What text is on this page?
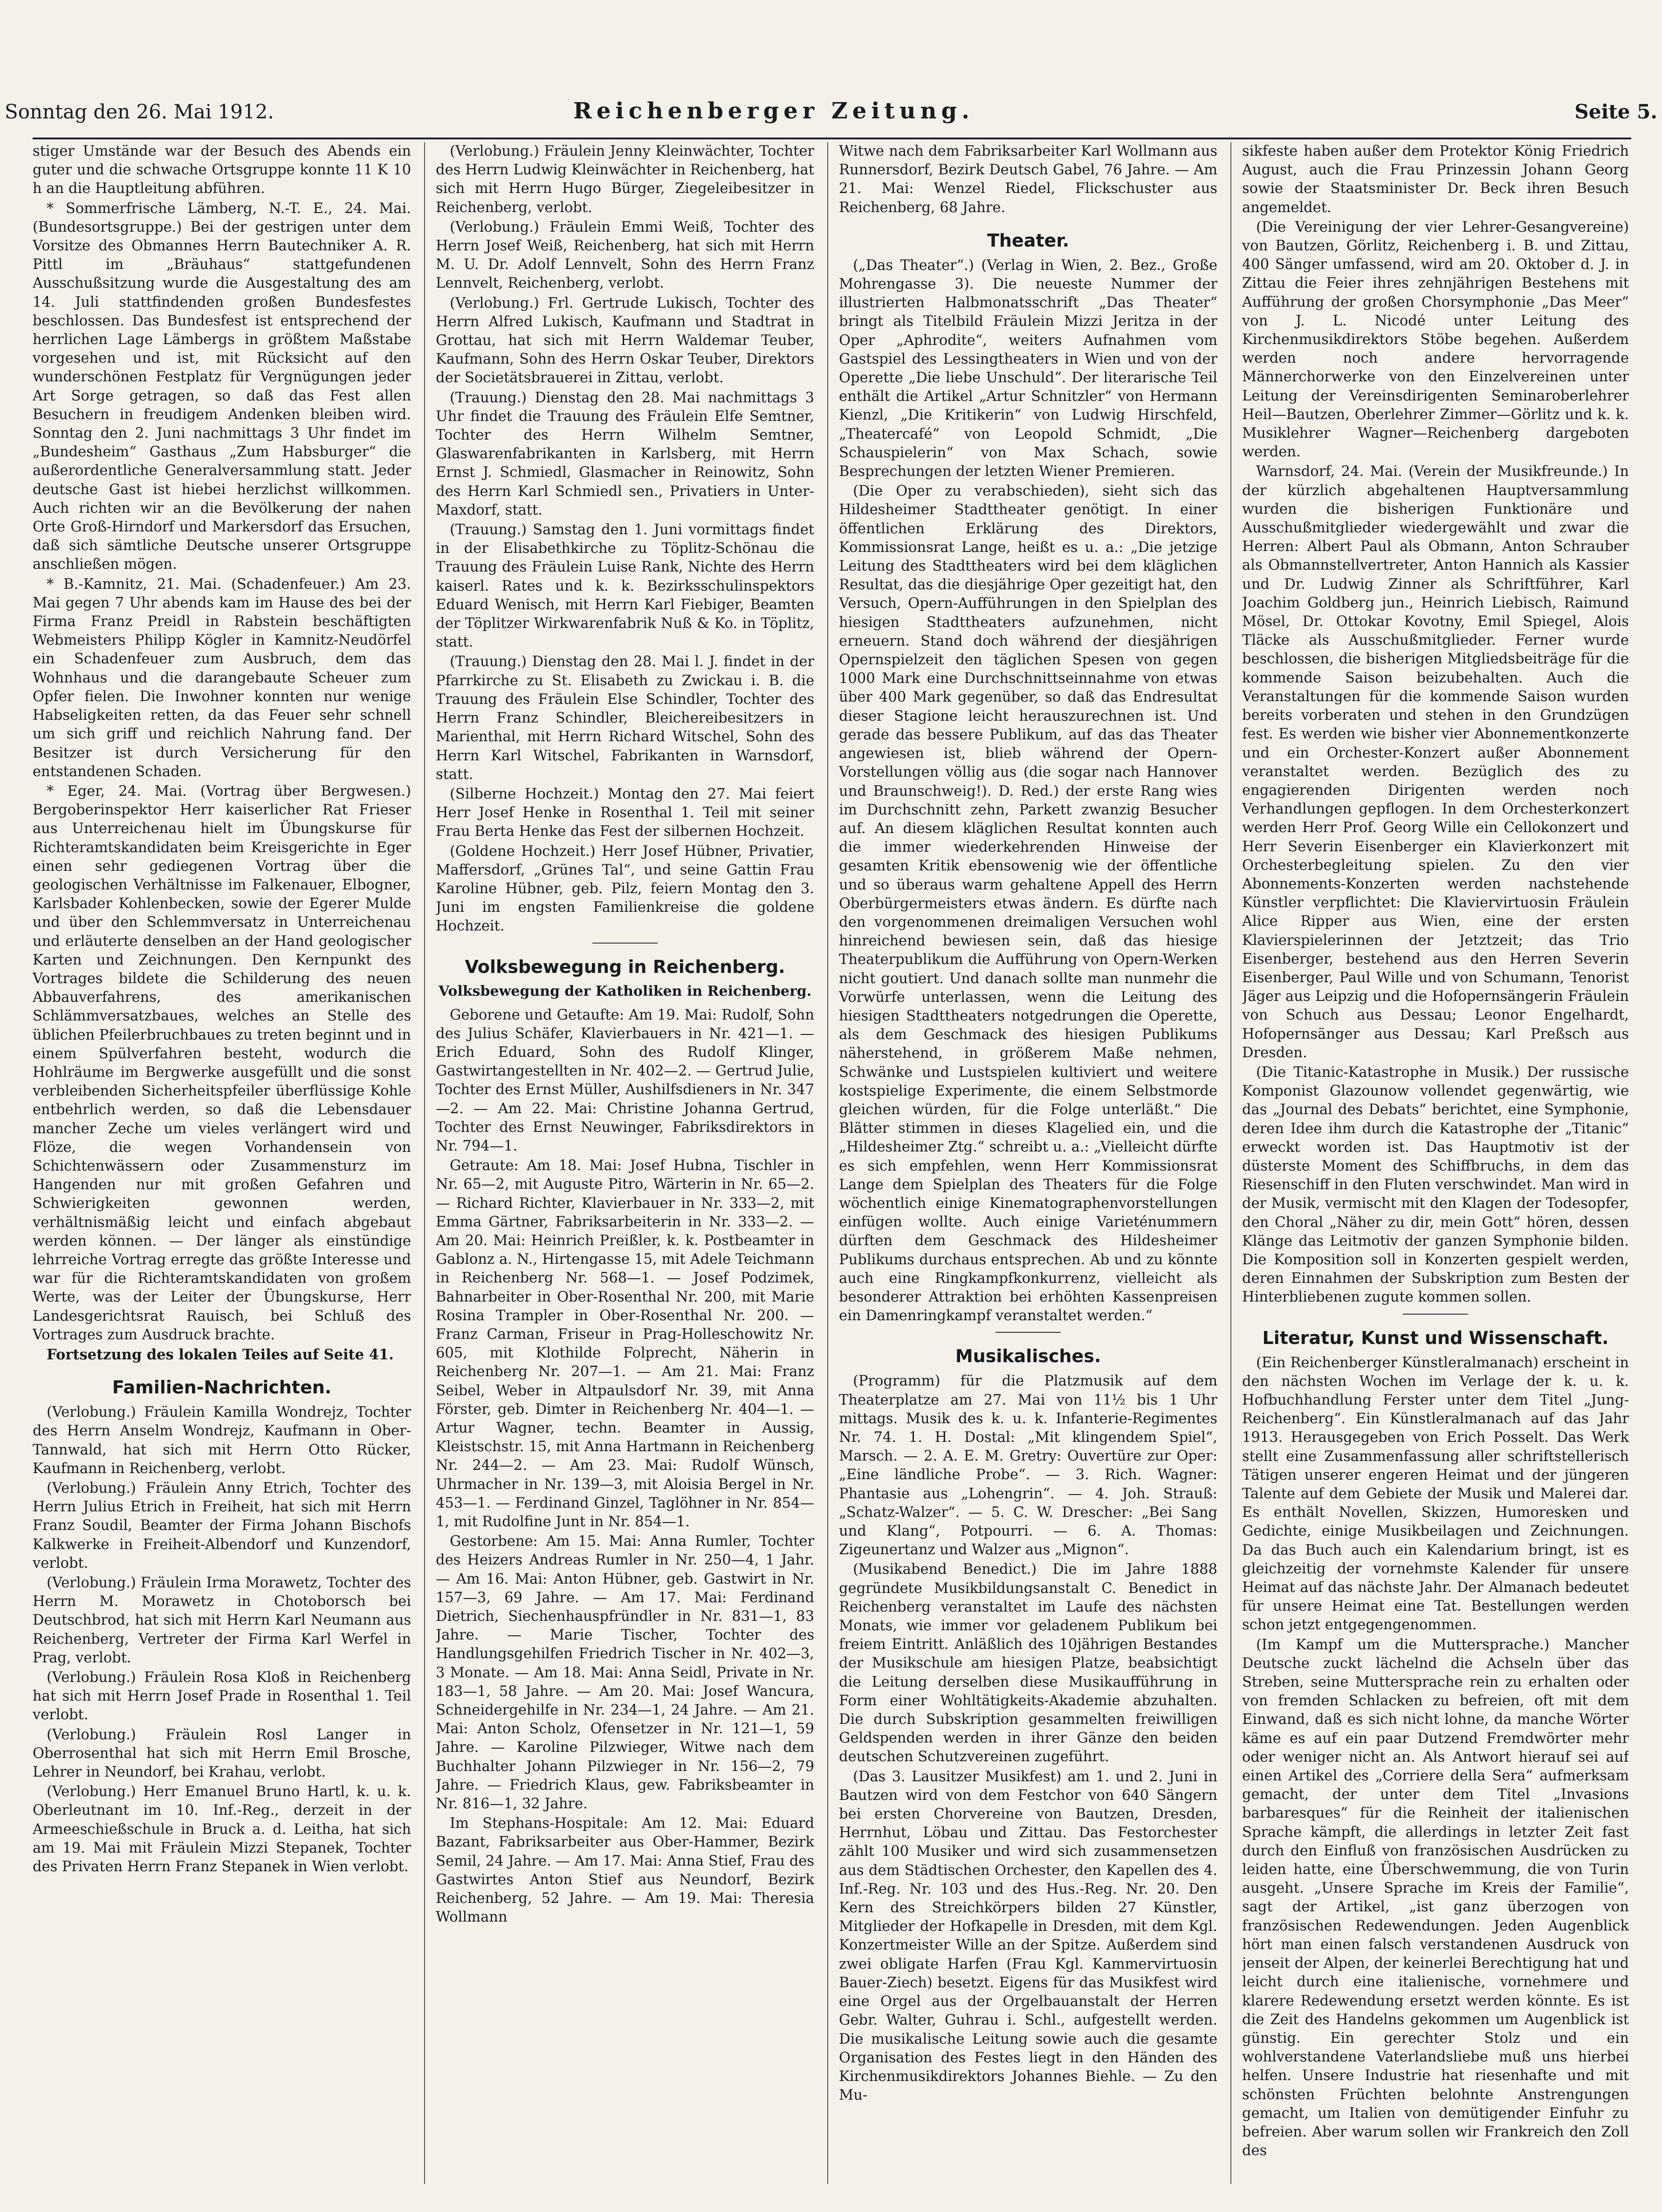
Sonntag den 26. Mai 1912.	Reichenberger Zeitung.	Seite 5.

stiger Umstände war der Besuch des Abends ein guter und die schwache Ortsgruppe konnte 11 K 10 h an die Hauptleitung abführen.

* Sommerfrische Lämberg, N.-T. E., 24. Mai. (Bundesortsgruppe.) Bei der gestrigen unter dem Vorsitze des Obmannes Herrn Bautechniker A. R. Pittl im „Bräuhaus“ stattgefundenen Ausschußsitzung wurde die Ausgestaltung des am 14. Juli stattfindenden großen Bundesfestes beschlossen. Das Bundesfest ist entsprechend der herrlichen Lage Lämbergs in größtem Maßstabe vorgesehen und ist, mit Rücksicht auf den wunderschönen Festplatz für Vergnügungen jeder Art Sorge getragen, so daß das Fest allen Besuchern in freudigem Andenken bleiben wird. Sonntag den 2. Juni nachmittags 3 Uhr findet im „Bundesheim“ Gasthaus „Zum Habsburger“ die außerordentliche Generalversammlung statt. Jeder deutsche Gast ist hiebei herzlichst willkommen. Auch richten wir an die Bevölkerung der nahen Orte Groß-Hirndorf und Markersdorf das Ersuchen, daß sich sämtliche Deutsche unserer Ortsgruppe anschließen mögen.

* B.-Kamnitz, 21. Mai. (Schadenfeuer.) Am 23. Mai gegen 7 Uhr abends kam im Hause des bei der Firma Franz Preidl in Rabstein beschäftigten Webmeisters Philipp Kögler in Kamnitz-Neudörfel ein Schadenfeuer zum Ausbruch, dem das Wohnhaus und die darangebaute Scheuer zum Opfer fielen. Die Inwohner konnten nur wenige Habseligkeiten retten, da das Feuer sehr schnell um sich griff und reichlich Nahrung fand. Der Besitzer ist durch Versicherung für den entstandenen Schaden.

* Eger, 24. Mai. (Vortrag über Bergwesen.) Bergoberinspektor Herr kaiserlicher Rat Frieser aus Unterreichenau hielt im Übungskurse für Richteramtskandidaten beim Kreisgerichte in Eger einen sehr gediegenen Vortrag über die geologischen Verhältnisse im Falkenauer, Elbogner, Karlsbader Kohlenbecken, sowie der Egerer Mulde und über den Schlemmversatz in Unterreichenau und erläuterte denselben an der Hand geologischer Karten und Zeichnungen. Den Kernpunkt des Vortrages bildete die Schilderung des neuen Abbauverfahrens, des amerikanischen Schlämmversatzbaues, welches an Stelle des üblichen Pfeilerbruchbaues zu treten beginnt und in einem Spülverfahren besteht, wodurch die Hohlräume im Bergwerke ausgefüllt und die sonst verbleibenden Sicherheitspfeiler überflüssige Kohle entbehrlich werden, so daß die Lebensdauer mancher Zeche um vieles verlängert wird und Flöze, die wegen Vorhandensein von Schichtenwässern oder Zusammensturz im Hangenden nur mit großen Gefahren und Schwierigkeiten gewonnen werden, verhältnismäßig leicht und einfach abgebaut werden können. — Der länger als einstündige lehrreiche Vortrag erregte das größte Interesse und war für die Richteramtskandidaten von großem Werte, was der Leiter der Übungskurse, Herr Landesgerichtsrat Rauisch, bei Schluß des Vortrages zum Ausdruck brachte.

Fortsetzung des lokalen Teiles auf Seite 41.

Familien-Nachrichten.

(Verlobung.) Fräulein Kamilla Wondrejz, Tochter des Herrn Anselm Wondrejz, Kaufmann in Ober-Tannwald, hat sich mit Herrn Otto Rücker, Kaufmann in Reichenberg, verlobt.

(Verlobung.) Fräulein Anny Etrich, Tochter des Herrn Julius Etrich in Freiheit, hat sich mit Herrn Franz Soudil, Beamter der Firma Johann Bischofs Kalkwerke in Freiheit-Albendorf und Kunzendorf, verlobt.

(Verlobung.) Fräulein Irma Morawetz, Tochter des Herrn M. Morawetz in Chotoborsch bei Deutschbrod, hat sich mit Herrn Karl Neumann aus Reichenberg, Vertreter der Firma Karl Werfel in Prag, verlobt.

(Verlobung.) Fräulein Rosa Kloß in Reichenberg hat sich mit Herrn Josef Prade in Rosenthal 1. Teil verlobt.

(Verlobung.) Fräulein Rosl Langer in Oberrosenthal hat sich mit Herrn Emil Brosche, Lehrer in Neundorf, bei Krahau, verlobt.

(Verlobung.) Herr Emanuel Bruno Hartl, k. u. k. Oberleutnant im 10. Inf.-Reg., derzeit in der Armeeschießschule in Bruck a. d. Leitha, hat sich am 19. Mai mit Fräulein Mizzi Stepanek, Tochter des Privaten Herrn Franz Stepanek in Wien verlobt.

(Verlobung.) Fräulein Jenny Kleinwächter, Tochter des Herrn Ludwig Kleinwächter in Reichenberg, hat sich mit Herrn Hugo Bürger, Ziegeleibesitzer in Reichenberg, verlobt.

(Verlobung.) Fräulein Emmi Weiß, Tochter des Herrn Josef Weiß, Reichenberg, hat sich mit Herrn M. U. Dr. Adolf Lennvelt, Sohn des Herrn Franz Lennvelt, Reichenberg, verlobt.

(Verlobung.) Frl. Gertrude Lukisch, Tochter des Herrn Alfred Lukisch, Kaufmann und Stadtrat in Grottau, hat sich mit Herrn Waldemar Teuber, Kaufmann, Sohn des Herrn Oskar Teuber, Direktors der Societätsbrauerei in Zittau, verlobt.

(Trauung.) Dienstag den 28. Mai nachmittags 3 Uhr findet die Trauung des Fräulein Elfe Semtner, Tochter des Herrn Wilhelm Semtner, Glaswarenfabrikanten in Karlsberg, mit Herrn Ernst J. Schmiedl, Glasmacher in Reinowitz, Sohn des Herrn Karl Schmiedl sen., Privatiers in Unter-Maxdorf, statt.

(Trauung.) Samstag den 1. Juni vormittags findet in der Elisabethkirche zu Töplitz-Schönau die Trauung des Fräulein Luise Rank, Nichte des Herrn kaiserl. Rates und k. k. Bezirksschulinspektors Eduard Wenisch, mit Herrn Karl Fiebiger, Beamten der Töplitzer Wirkwarenfabrik Nuß & Ko. in Töplitz, statt.

(Trauung.) Dienstag den 28. Mai l. J. findet in der Pfarrkirche zu St. Elisabeth zu Zwickau i. B. die Trauung des Fräulein Else Schindler, Tochter des Herrn Franz Schindler, Bleichereibesitzers in Marienthal, mit Herrn Richard Witschel, Sohn des Herrn Karl Witschel, Fabrikanten in Warnsdorf, statt.

(Silberne Hochzeit.) Montag den 27. Mai feiert Herr Josef Henke in Rosenthal 1. Teil mit seiner Frau Berta Henke das Fest der silbernen Hochzeit.

(Goldene Hochzeit.) Herr Josef Hübner, Privatier, Maffersdorf, „Grünes Tal“, und seine Gattin Frau Karoline Hübner, geb. Pilz, feiern Montag den 3. Juni im engsten Familienkreise die goldene Hochzeit.

Volksbewegung in Reichenberg.
Volksbewegung der Katholiken in Reichenberg.

Geborene und Getaufte: Am 19. Mai: Rudolf, Sohn des Julius Schäfer, Klavierbauers in Nr. 421—1. — Erich Eduard, Sohn des Rudolf Klinger, Gastwirtangestellten in Nr. 402—2. — Gertrud Julie, Tochter des Ernst Müller, Aushilfsdieners in Nr. 347—2. — Am 22. Mai: Christine Johanna Gertrud, Tochter des Ernst Neuwinger, Fabriksdirektors in Nr. 794—1.

Getraute: Am 18. Mai: Josef Hubna, Tischler in Nr. 65—2, mit Auguste Pitro, Wärterin in Nr. 65—2. — Richard Richter, Klavierbauer in Nr. 333—2, mit Emma Gärtner, Fabriksarbeiterin in Nr. 333—2. — Am 20. Mai: Heinrich Preißler, k. k. Postbeamter in Gablonz a. N., Hirtengasse 15, mit Adele Teichmann in Reichenberg Nr. 568—1. — Josef Podzimek, Bahnarbeiter in Ober-Rosenthal Nr. 200, mit Marie Rosina Trampler in Ober-Rosenthal Nr. 200. — Franz Carman, Friseur in Prag-Holleschowitz Nr. 605, mit Klothilde Folprecht, Näherin in Reichenberg Nr. 207—1. — Am 21. Mai: Franz Seibel, Weber in Altpaulsdorf Nr. 39, mit Anna Förster, geb. Dimter in Reichenberg Nr. 404—1. — Artur Wagner, techn. Beamter in Aussig, Kleistschstr. 15, mit Anna Hartmann in Reichenberg Nr. 244—2. — Am 23. Mai: Rudolf Wünsch, Uhrmacher in Nr. 139—3, mit Aloisia Bergel in Nr. 453—1. — Ferdinand Ginzel, Taglöhner in Nr. 854—1, mit Rudolfine Junt in Nr. 854—1.

Gestorbene: Am 15. Mai: Anna Rumler, Tochter des Heizers Andreas Rumler in Nr. 250—4, 1 Jahr. — Am 16. Mai: Anton Hübner, geb. Gastwirt in Nr. 157—3, 69 Jahre. — Am 17. Mai: Ferdinand Dietrich, Siechenhauspfründler in Nr. 831—1, 83 Jahre. — Marie Tischer, Tochter des Handlungsgehilfen Friedrich Tischer in Nr. 402—3, 3 Monate. — Am 18. Mai: Anna Seidl, Private in Nr. 183—1, 58 Jahre. — Am 20. Mai: Josef Wancura, Schneidergehilfe in Nr. 234—1, 24 Jahre. — Am 21. Mai: Anton Scholz, Ofensetzer in Nr. 121—1, 59 Jahre. — Karoline Pilzwieger, Witwe nach dem Buchhalter Johann Pilzwieger in Nr. 156—2, 79 Jahre. — Friedrich Klaus, gew. Fabriksbeamter in Nr. 816—1, 32 Jahre.

Im Stephans-Hospitale: Am 12. Mai: Eduard Bazant, Fabriksarbeiter aus Ober-Hammer, Bezirk Semil, 24 Jahre. — Am 17. Mai: Anna Stief, Frau des Gastwirtes Anton Stief aus Neundorf, Bezirk Reichenberg, 52 Jahre. — Am 19. Mai: Theresia Wollmann

Witwe nach dem Fabriksarbeiter Karl Wollmann aus Runnersdorf, Bezirk Deutsch Gabel, 76 Jahre. — Am 21. Mai: Wenzel Riedel, Flickschuster aus Reichenberg, 68 Jahre.

Theater.

(„Das Theater“.) (Verlag in Wien, 2. Bez., Große Mohrengasse 3). Die neueste Nummer der illustrierten Halbmonatsschrift „Das Theater“ bringt als Titelbild Fräulein Mizzi Jeritza in der Oper „Aphrodite“, weiters Aufnahmen vom Gastspiel des Lessingtheaters in Wien und von der Operette „Die liebe Unschuld“. Der literarische Teil enthält die Artikel „Artur Schnitzler“ von Hermann Kienzl, „Die Kritikerin“ von Ludwig Hirschfeld, „Theatercafé“ von Leopold Schmidt, „Die Schauspielerin“ von Max Schach, sowie Besprechungen der letzten Wiener Premieren.

(Die Oper zu verabschieden), sieht sich das Hildesheimer Stadttheater genötigt. In einer öffentlichen Erklärung des Direktors, Kommissionsrat Lange, heißt es u. a.: „Die jetzige Leitung des Stadttheaters wird bei dem kläglichen Resultat, das die diesjährige Oper gezeitigt hat, den Versuch, Opern-Aufführungen in den Spielplan des hiesigen Stadttheaters aufzunehmen, nicht erneuern. Stand doch während der diesjährigen Opernspielzeit den täglichen Spesen von gegen 1000 Mark eine Durchschnittseinnahme von etwas über 400 Mark gegenüber, so daß das Endresultat dieser Stagione leicht herauszurechnen ist. Und gerade das bessere Publikum, auf das das Theater angewiesen ist, blieb während der Opern-Vorstellungen völlig aus (die sogar nach Hannover und Braunschweig!). D. Red.) der erste Rang wies im Durchschnitt zehn, Parkett zwanzig Besucher auf. An diesem kläglichen Resultat konnten auch die immer wiederkehrenden Hinweise der gesamten Kritik ebensowenig wie der öffentliche und so überaus warm gehaltene Appell des Herrn Oberbürgermeisters etwas ändern. Es dürfte nach den vorgenommenen dreimaligen Versuchen wohl hinreichend bewiesen sein, daß das hiesige Theaterpublikum die Aufführung von Opern-Werken nicht goutiert. Und danach sollte man nunmehr die Vorwürfe unterlassen, wenn die Leitung des hiesigen Stadttheaters notgedrungen die Operette, als dem Geschmack des hiesigen Publikums näherstehend, in größerem Maße nehmen, Schwänke und Lustspielen kultiviert und weitere kostspielige Experimente, die einem Selbstmorde gleichen würden, für die Folge unterläßt.“ Die Blätter stimmen in dieses Klagelied ein, und die „Hildesheimer Ztg.“ schreibt u. a.: „Vielleicht dürfte es sich empfehlen, wenn Herr Kommissionsrat Lange dem Spielplan des Theaters für die Folge wöchentlich einige Kinematographenvorstellungen einfügen wollte. Auch einige Varieténummern dürften dem Geschmack des Hildesheimer Publikums durchaus entsprechen. Ab und zu könnte auch eine Ringkampfkonkurrenz, vielleicht als besonderer Attraktion bei erhöhten Kassenpreisen ein Damenringkampf veranstaltet werden.“

Musikalisches.

(Programm) für die Platzmusik auf dem Theaterplatze am 27. Mai von 11½ bis 1 Uhr mittags. Musik des k. u. k. Infanterie-Regimentes Nr. 74. 1. H. Dostal: „Mit klingendem Spiel“, Marsch. — 2. A. E. M. Gretry: Ouvertüre zur Oper: „Eine ländliche Probe“. — 3. Rich. Wagner: Phantasie aus „Lohengrin“. — 4. Joh. Strauß: „Schatz-Walzer“. — 5. C. W. Drescher: „Bei Sang und Klang“, Potpourri. — 6. A. Thomas: Zigeunertanz und Walzer aus „Mignon“.

(Musikabend Benedict.) Die im Jahre 1888 gegründete Musikbildungsanstalt C. Benedict in Reichenberg veranstaltet im Laufe des nächsten Monats, wie immer vor geladenem Publikum bei freiem Eintritt. Anläßlich des 10jährigen Bestandes der Musikschule am hiesigen Platze, beabsichtigt die Leitung derselben diese Musikaufführung in Form einer Wohltätigkeits-Akademie abzuhalten. Die durch Subskription gesammelten freiwilligen Geldspenden werden in ihrer Gänze den beiden deutschen Schutzvereinen zugeführt.

(Das 3. Lausitzer Musikfest) am 1. und 2. Juni in Bautzen wird von dem Festchor von 640 Sängern bei ersten Chorvereine von Bautzen, Dresden, Herrnhut, Löbau und Zittau. Das Festorchester zählt 100 Musiker und wird sich zusammensetzen aus dem Städtischen Orchester, den Kapellen des 4. Inf.-Reg. Nr. 103 und des Hus.-Reg. Nr. 20. Den Kern des Streichkörpers bilden 27 Künstler, Mitglieder der Hofkapelle in Dresden, mit dem Kgl. Konzertmeister Wille an der Spitze. Außerdem sind zwei obligate Harfen (Frau Kgl. Kammervirtuosin Bauer-Ziech) besetzt. Eigens für das Musikfest wird eine Orgel aus der Orgelbauanstalt der Herren Gebr. Walter, Guhrau i. Schl., aufgestellt werden. Die musikalische Leitung sowie auch die gesamte Organisation des Festes liegt in den Händen des Kirchenmusikdirektors Johannes Biehle. — Zu den Mu-

sikfeste haben außer dem Protektor König Friedrich August, auch die Frau Prinzessin Johann Georg sowie der Staatsminister Dr. Beck ihren Besuch angemeldet.

(Die Vereinigung der vier Lehrer-Gesangvereine) von Bautzen, Görlitz, Reichenberg i. B. und Zittau, 400 Sänger umfassend, wird am 20. Oktober d. J. in Zittau die Feier ihres zehnjährigen Bestehens mit Aufführung der großen Chorsymphonie „Das Meer“ von J. L. Nicodé unter Leitung des Kirchenmusikdirektors Stöbe begehen. Außerdem werden noch andere hervorragende Männerchorwerke von den Einzelvereinen unter Leitung der Vereinsdirigenten Seminaroberlehrer Heil—Bautzen, Oberlehrer Zimmer—Görlitz und k. k. Musiklehrer Wagner—Reichenberg dargeboten werden.

Warnsdorf, 24. Mai. (Verein der Musikfreunde.) In der kürzlich abgehaltenen Hauptversammlung wurden die bisherigen Funktionäre und Ausschußmitglieder wiedergewählt und zwar die Herren: Albert Paul als Obmann, Anton Schrauber als Obmannstellvertreter, Anton Hannich als Kassier und Dr. Ludwig Zinner als Schriftführer, Karl Joachim Goldberg jun., Heinrich Liebisch, Raimund Mösel, Dr. Ottokar Kovotny, Emil Spiegel, Alois Tläcke als Ausschußmitglieder. Ferner wurde beschlossen, die bisherigen Mitgliedsbeiträge für die kommende Saison beizubehalten. Auch die Veranstaltungen für die kommende Saison wurden bereits vorberaten und stehen in den Grundzügen fest. Es werden wie bisher vier Abonnementkonzerte und ein Orchester-Konzert außer Abonnement veranstaltet werden. Bezüglich des zu engagierenden Dirigenten werden noch Verhandlungen gepflogen. In dem Orchesterkonzert werden Herr Prof. Georg Wille ein Cellokonzert und Herr Severin Eisenberger ein Klavierkonzert mit Orchesterbegleitung spielen. Zu den vier Abonnements-Konzerten werden nachstehende Künstler verpflichtet: Die Klaviervirtuosin Fräulein Alice Ripper aus Wien, eine der ersten Klavierspielerinnen der Jetztzeit; das Trio Eisenberger, bestehend aus den Herren Severin Eisenberger, Paul Wille und von Schumann, Tenorist Jäger aus Leipzig und die Hofopernsängerin Fräulein von Schuch aus Dessau; Leonor Engelhardt, Hofopernsänger aus Dessau; Karl Preßsch aus Dresden.

(Die Titanic-Katastrophe in Musik.) Der russische Komponist Glazounow vollendet gegenwärtig, wie das „Journal des Debats“ berichtet, eine Symphonie, deren Idee ihm durch die Katastrophe der „Titanic“ erweckt worden ist. Das Hauptmotiv ist der düsterste Moment des Schiffbruchs, in dem das Riesenschiff in den Fluten verschwindet. Man wird in der Musik, vermischt mit den Klagen der Todesopfer, den Choral „Näher zu dir, mein Gott“ hören, dessen Klänge das Leitmotiv der ganzen Symphonie bilden. Die Komposition soll in Konzerten gespielt werden, deren Einnahmen der Subskription zum Besten der Hinterbliebenen zugute kommen sollen.

Literatur, Kunst und Wissenschaft.

(Ein Reichenberger Künstleralmanach) erscheint in den nächsten Wochen im Verlage der k. u. k. Hofbuchhandlung Ferster unter dem Titel „Jung-Reichenberg“. Ein Künstleralmanach auf das Jahr 1913. Herausgegeben von Erich Posselt. Das Werk stellt eine Zusammenfassung aller schriftstellerisch Tätigen unserer engeren Heimat und der jüngeren Talente auf dem Gebiete der Musik und Malerei dar. Es enthält Novellen, Skizzen, Humoresken und Gedichte, einige Musikbeilagen und Zeichnungen. Da das Buch auch ein Kalendarium bringt, ist es gleichzeitig der vornehmste Kalender für unsere Heimat auf das nächste Jahr. Der Almanach bedeutet für unsere Heimat eine Tat. Bestellungen werden schon jetzt entgegengenommen.

(Im Kampf um die Muttersprache.) Mancher Deutsche zuckt lächelnd die Achseln über das Streben, seine Muttersprache rein zu erhalten oder von fremden Schlacken zu befreien, oft mit dem Einwand, daß es sich nicht lohne, da manche Wörter käme es auf ein paar Dutzend Fremdwörter mehr oder weniger nicht an. Als Antwort hierauf sei auf einen Artikel des „Corriere della Sera“ aufmerksam gemacht, der unter dem Titel „Invasions barbaresques“ für die Reinheit der italienischen Sprache kämpft, die allerdings in letzter Zeit fast durch den Einfluß von französischen Ausdrücken zu leiden hatte, eine Überschwemmung, die von Turin ausgeht. „Unsere Sprache im Kreis der Familie“, sagt der Artikel, „ist ganz überzogen von französischen Redewendungen. Jeden Augenblick hört man einen falsch verstandenen Ausdruck von jenseit der Alpen, der keinerlei Berechtigung hat und leicht durch eine italienische, vornehmere und klarere Redewendung ersetzt werden könnte. Es ist die Zeit des Handelns gekommen um Augenblick ist günstig. Ein gerechter Stolz und ein wohlverstandene Vaterlandsliebe muß uns hierbei helfen. Unsere Industrie hat riesenhafte und mit schönsten Früchten belohnte Anstrengungen gemacht, um Italien von demütigender Einfuhr zu befreien. Aber warum sollen wir Frankreich den Zoll des
